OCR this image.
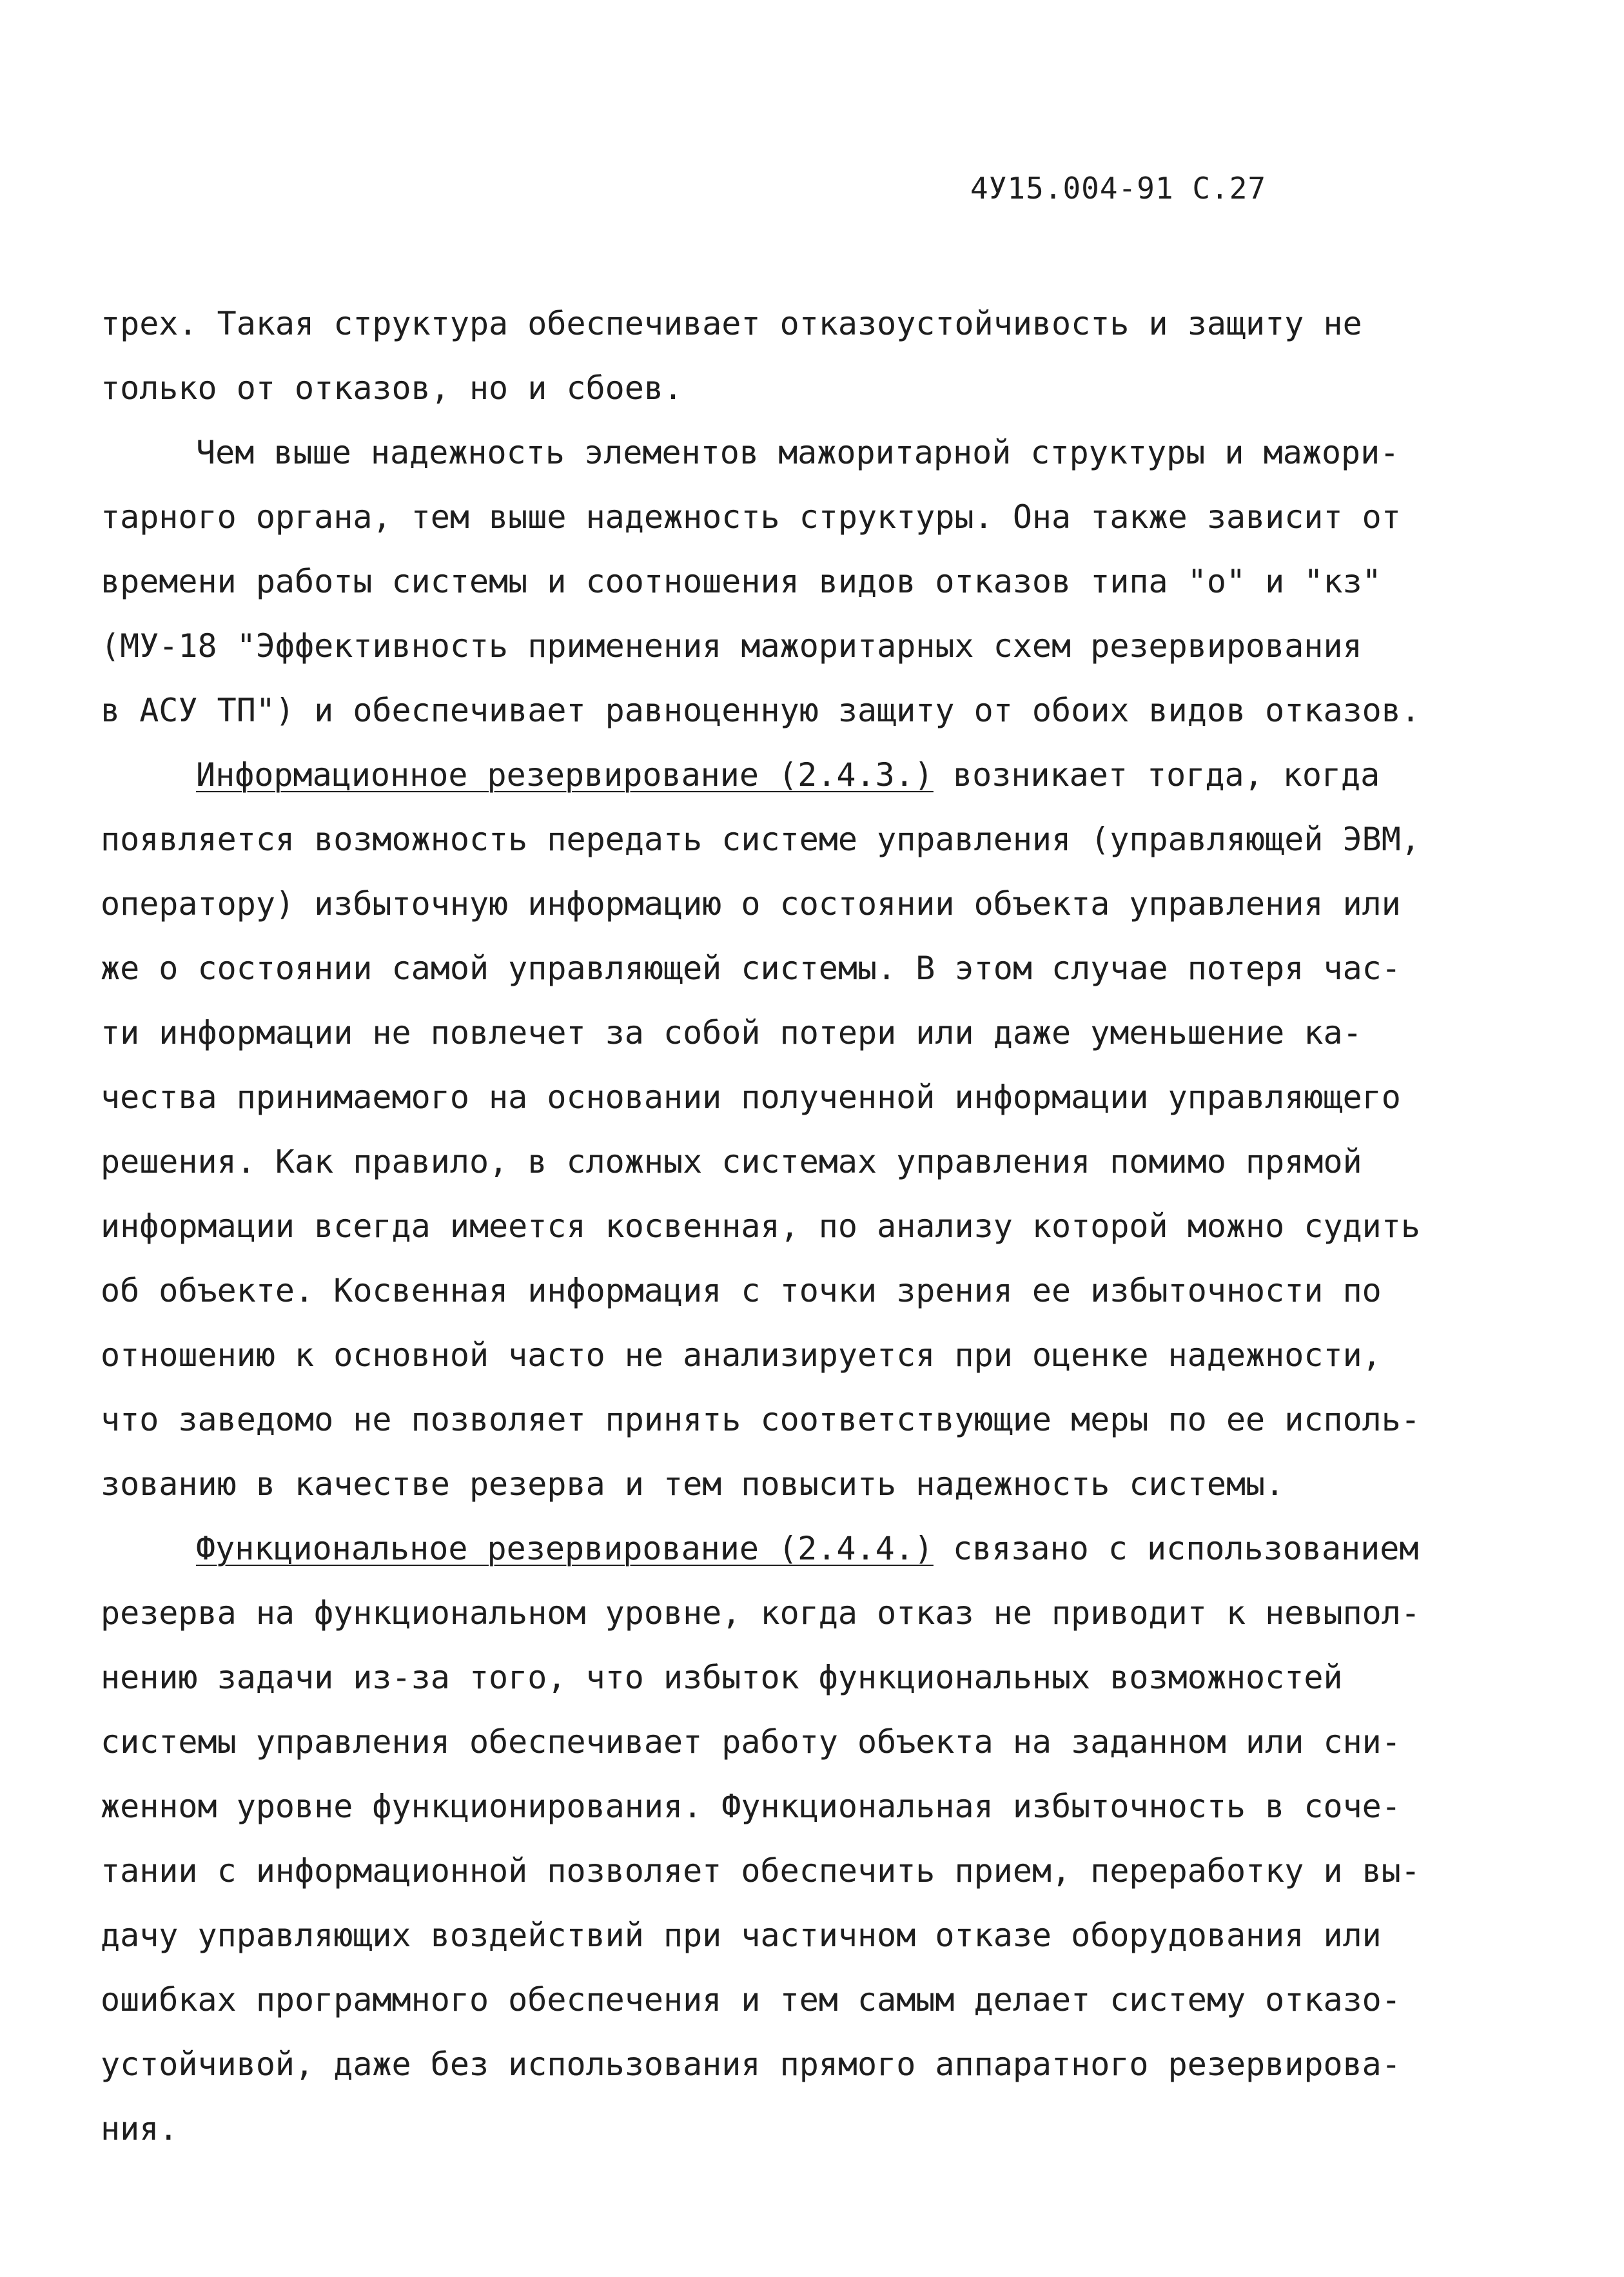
4У15.004-91 С.27
трех. Такая структура обеспечивает отказоустойчивость и защиту не
только от отказов, но и сбоев.
Чем выше надежность элементов мажоритарной структуры и мажори-
тарного органа, тем выше надежность структуры. Она также зависит от
времени работы системы и соотношения видов отказов типа "о" и "кз"
(МУ-18 "Эффективность применения мажоритарных схем резервирования
в АСУ ТП") и обеспечивает равноценную защиту от обоих видов отказов.
Информационное резервирование (2.4.3.) возникает тогда, когда
появляется возможность передать системе управления (управляющей ЭВМ,
оператору) избыточную информацию о состоянии объекта управления или
же о состоянии самой управляющей системы. В этом случае потеря час-
ти информации не повлечет за собой потери или даже уменьшение ка-
чества принимаемого на основании полученной информации управляющего
решения. Как правило, в сложных системах управления помимо прямой
информации всегда имеется косвенная, по анализу которой можно судить
об объекте. Косвенная информация с точки зрения ее избыточности по
отношению к основной часто не анализируется при оценке надежности,
что заведомо не позволяет принять соответствующие меры по ее исполь-
зованию в качестве резерва и тем повысить надежность системы.
Функциональное резервирование (2.4.4.) связано с использованием
резерва на функциональном уровне, когда отказ не приводит к невыпол-
нению задачи из-за того, что избыток функциональных возможностей
системы управления обеспечивает работу объекта на заданном или сни-
женном уровне функционирования. Функциональная избыточность в соче-
тании с информационной позволяет обеспечить прием, переработку и вы-
дачу управляющих воздействий при частичном отказе оборудования или
ошибках программного обеспечения и тем самым делает систему отказо-
устойчивой, даже без использования прямого аппаратного резервирова-
ния.
